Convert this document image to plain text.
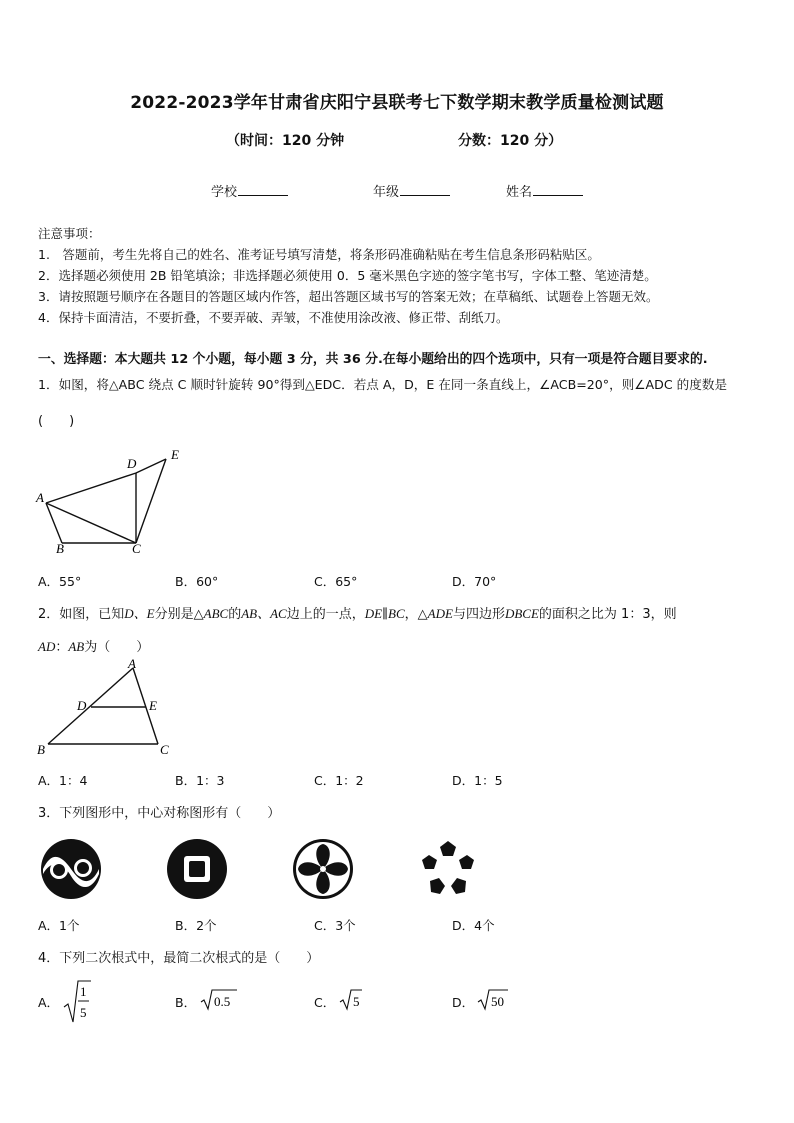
2022-2023学年甘肃省庆阳宁县联考七下数学期末教学质量检测试题
（时间：120 分钟	分数：120 分）
学校	年级	姓名
注意事项：
1.　答题前，考生先将自己的姓名、准考证号填写清楚，将条形码准确粘贴在考生信息条形码粘贴区。
2．选择题必须使用 2B 铅笔填涂；非选择题必须使用 0．5 毫米黑色字迹的签字笔书写，字体工整、笔迹清楚。
3．请按照题号顺序在各题目的答题区域内作答，超出答题区域书写的答案无效；在草稿纸、试题卷上答题无效。
4．保持卡面清洁，不要折叠，不要弄破、弄皱，不准使用涂改液、修正带、刮纸刀。
一、选择题：本大题共 12 个小题，每小题 3 分，共 36 分.在每小题给出的四个选项中，只有一项是符合题目要求的.
1．如图，将△ABC 绕点 C 顺时针旋转 90°得到△EDC．若点 A，D，E 在同一条直线上，∠ACB=20°，则∠ADC 的度数是
(　　)
A
B	C
D
E
A．55°	B．60°	C．65°	D．70°
2．如图，已知D、E分别是△ABC的AB、AC边上的一点，DE∥BC，△ADE与四边形DBCE的面积之比为 1：3，则
AD：AB为（　　）
A
D	E
B	C
A．1：4	B．1：3	C．1：2	D．1：5
3．下列图形中，中心对称图形有（　　）
A．1个	B．2个	C．3个	D．4个
4．下列二次根式中，最简二次根式的是（　　）
A．
1
5
B． 0.5	C． 5	D． 50
